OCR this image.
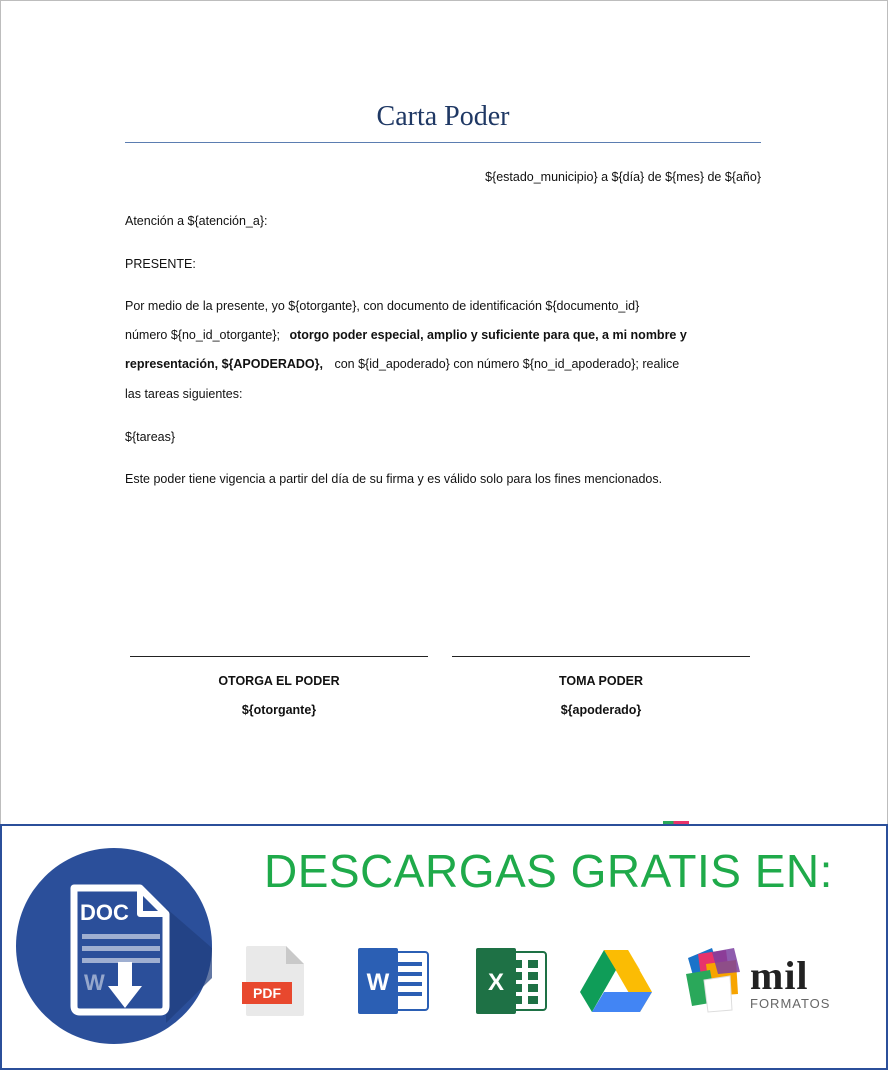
Carta Poder
${estado_municipio} a ${día} de ${mes} de ${año}
Atención a ${atención_a}:
PRESENTE:
Por medio de la presente, yo ${otorgante}, con documento de identificación ${documento_id}
número ${no_id_otorgante}; otorgo poder especial, amplio y suficiente para que, a mi nombre y
representación, ${APODERADO}, con ${id_apoderado} con número ${no_id_apoderado}; realice
las tareas siguientes:
${tareas}
Este poder tiene vigencia a partir del día de su firma y es válido solo para los fines mencionados.
OTORGA EL PODER
${otorgante}
TOMA PODER
${apoderado}
DESCARGAS GRATIS EN:
DOC
W	PDF	W	X	mil
FORMATOS
